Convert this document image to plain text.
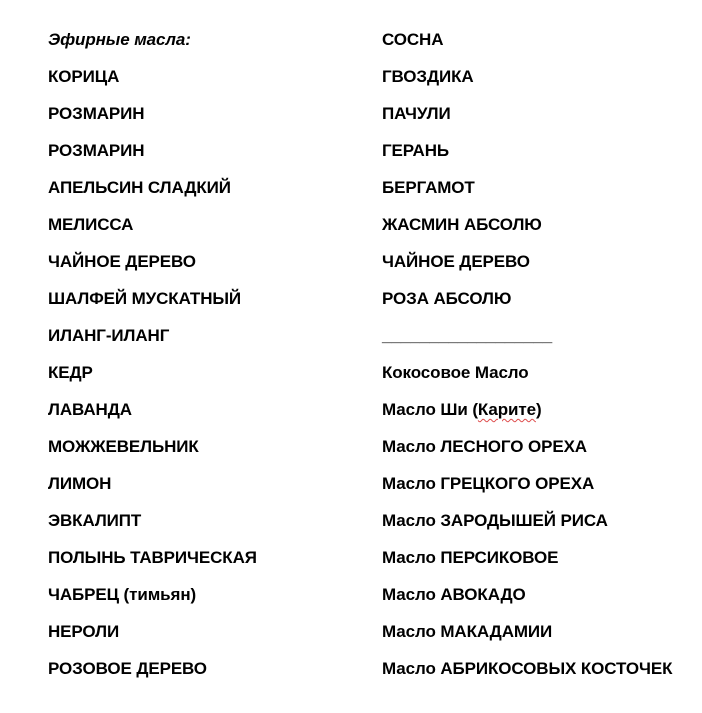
Эфирные масла:
КОРИЦА
РОЗМАРИН
РОЗМАРИН
АПЕЛЬСИН СЛАДКИЙ
МЕЛИССА
ЧАЙНОЕ ДЕРЕВО
ШАЛФЕЙ МУСКАТНЫЙ
ИЛАНГ-ИЛАНГ
КЕДР
ЛАВАНДА
МОЖЖЕВЕЛЬНИК
ЛИМОН
ЭВКАЛИПТ
ПОЛЫНЬ ТАВРИЧЕСКАЯ
ЧАБРЕЦ (тимьян)
НЕРОЛИ
РОЗОВОЕ ДЕРЕВО
СОСНА
ГВОЗДИКА
ПАЧУЛИ
ГЕРАНЬ
БЕРГАМОТ
ЖАСМИН АБСОЛЮ
ЧАЙНОЕ ДЕРЕВО
РОЗА АБСОЛЮ
__________________
Кокосовое Масло
Масло Ши (Карите)
Масло ЛЕСНОГО ОРЕХА
Масло ГРЕЦКОГО ОРЕХА
Масло ЗАРОДЫШЕЙ РИСА
Масло ПЕРСИКОВОЕ
Масло АВОКАДО
Масло МАКАДАМИИ
Масло АБРИКОСОВЫХ КОСТОЧЕК
